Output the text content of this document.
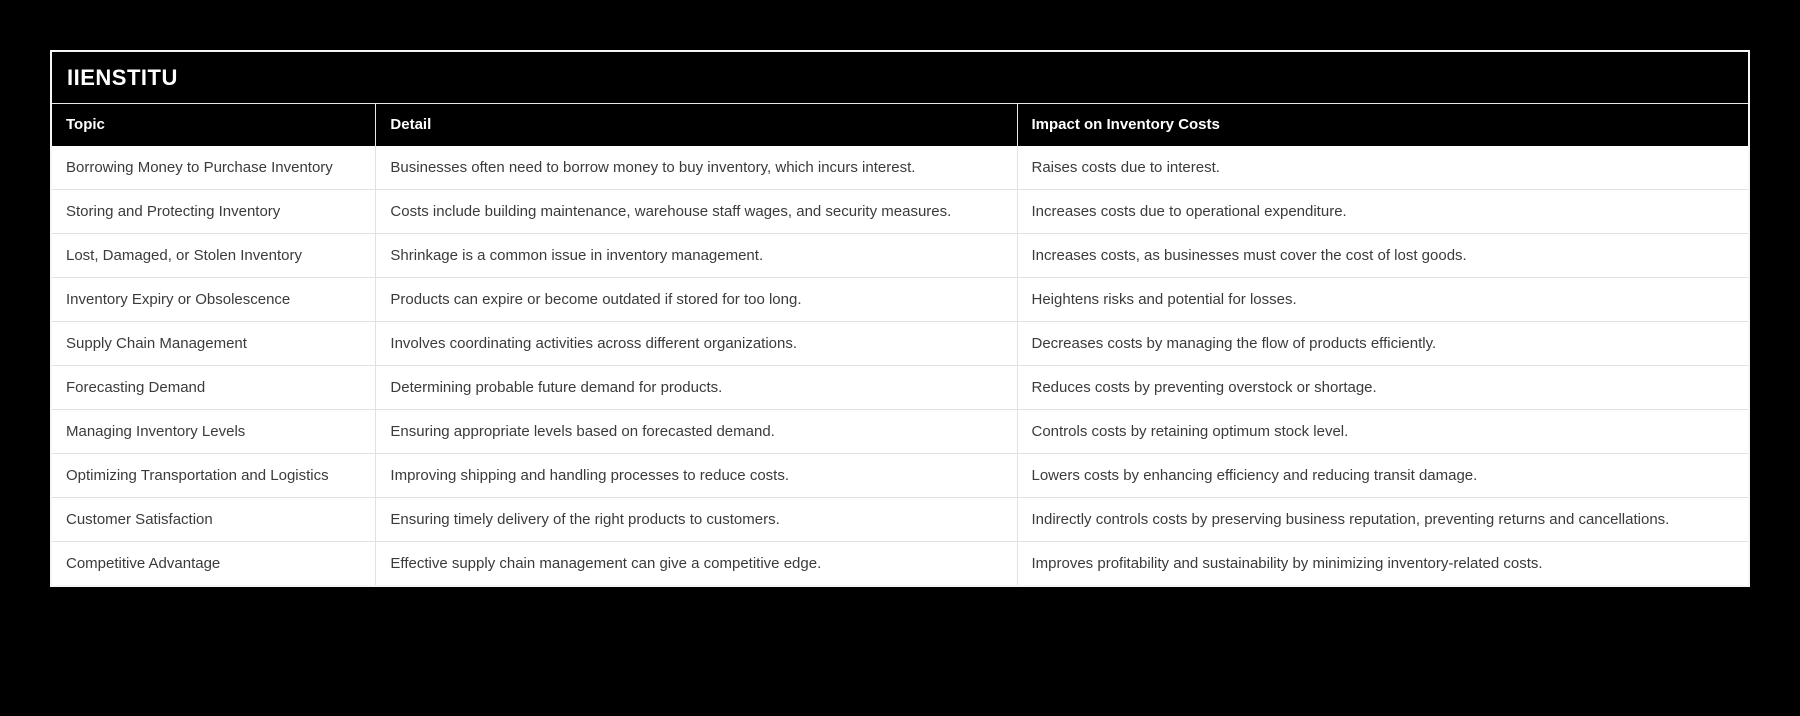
IIENSTITU
Topic	Detail	Impact on Inventory Costs
Borrowing Money to Purchase Inventory	Businesses often need to borrow money to buy inventory, which incurs interest.	Raises costs due to interest.
Storing and Protecting Inventory	Costs include building maintenance, warehouse staff wages, and security measures.	Increases costs due to operational expenditure.
Lost, Damaged, or Stolen Inventory	Shrinkage is a common issue in inventory management.	Increases costs, as businesses must cover the cost of lost goods.
Inventory Expiry or Obsolescence	Products can expire or become outdated if stored for too long.	Heightens risks and potential for losses.
Supply Chain Management	Involves coordinating activities across different organizations.	Decreases costs by managing the flow of products efficiently.
Forecasting Demand	Determining probable future demand for products.	Reduces costs by preventing overstock or shortage.
Managing Inventory Levels	Ensuring appropriate levels based on forecasted demand.	Controls costs by retaining optimum stock level.
Optimizing Transportation and Logistics	Improving shipping and handling processes to reduce costs.	Lowers costs by enhancing efficiency and reducing transit damage.
Customer Satisfaction	Ensuring timely delivery of the right products to customers.	Indirectly controls costs by preserving business reputation, preventing returns and cancellations.
Competitive Advantage	Effective supply chain management can give a competitive edge.	Improves profitability and sustainability by minimizing inventory-related costs.
